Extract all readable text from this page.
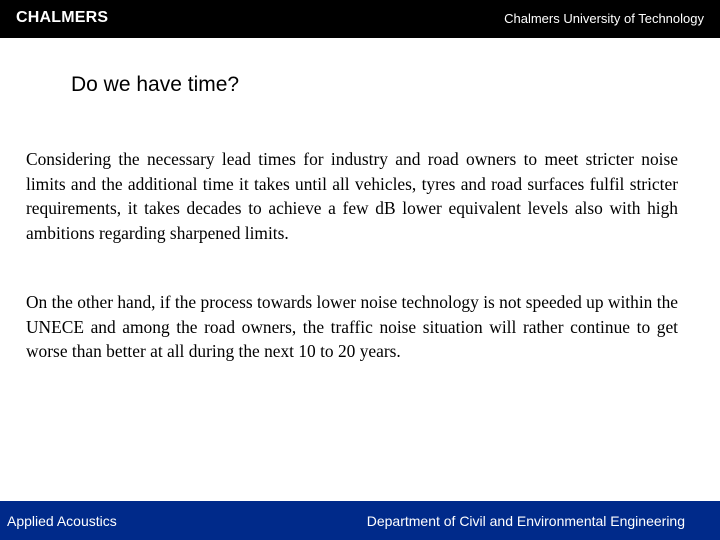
CHALMERS	Chalmers University of Technology
Do we have time?

Considering the necessary lead times for industry and road owners to meet stricter noise limits and the additional time it takes until all vehicles, tyres and road surfaces fulfil stricter requirements, it takes decades to achieve a few dB lower equivalent levels also with high ambitions regarding sharpened limits.

On the other hand, if the process towards lower noise technology is not speeded up within the UNECE and among the road owners, the traffic noise situation will rather continue to get worse than better at all during the next 10 to 20 years.

Applied Acoustics	Department of Civil and Environmental Engineering
